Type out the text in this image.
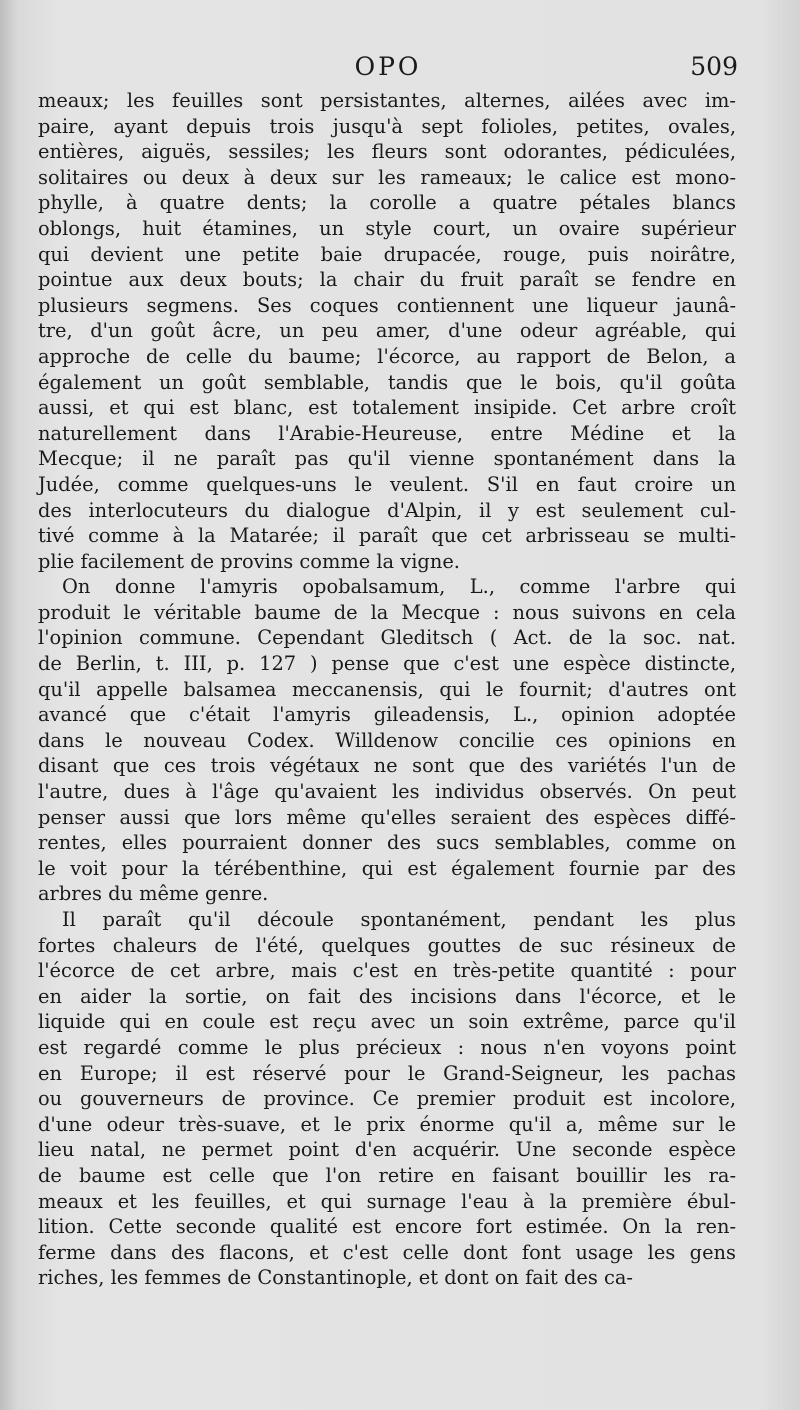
OPO	509
meaux; les feuilles sont persistantes, alternes, ailées avec im-
paire, ayant depuis trois jusqu'à sept folioles, petites, ovales,
entières, aiguës, sessiles; les fleurs sont odorantes, pédiculées,
solitaires ou deux à deux sur les rameaux; le calice est mono-
phylle, à quatre dents; la corolle a quatre pétales blancs
oblongs, huit étamines, un style court, un ovaire supérieur
qui devient une petite baie drupacée, rouge, puis noirâtre,
pointue aux deux bouts; la chair du fruit paraît se fendre en
plusieurs segmens. Ses coques contiennent une liqueur jaunâ-
tre, d'un goût âcre, un peu amer, d'une odeur agréable, qui
approche de celle du baume; l'écorce, au rapport de Belon, a
également un goût semblable, tandis que le bois, qu'il goûta
aussi, et qui est blanc, est totalement insipide. Cet arbre croît
naturellement dans l'Arabie-Heureuse, entre Médine et la
Mecque; il ne paraît pas qu'il vienne spontanément dans la
Judée, comme quelques-uns le veulent. S'il en faut croire un
des interlocuteurs du dialogue d'Alpin, il y est seulement cul-
tivé comme à la Matarée; il paraît que cet arbrisseau se multi-
plie facilement de provins comme la vigne.
On donne l'amyris opobalsamum, L., comme l'arbre qui
produit le véritable baume de la Mecque : nous suivons en cela
l'opinion commune. Cependant Gleditsch ( Act. de la soc. nat.
de Berlin, t. III, p. 127 ) pense que c'est une espèce distincte,
qu'il appelle balsamea meccanensis, qui le fournit; d'autres ont
avancé que c'était l'amyris gileadensis, L., opinion adoptée
dans le nouveau Codex. Willdenow concilie ces opinions en
disant que ces trois végétaux ne sont que des variétés l'un de
l'autre, dues à l'âge qu'avaient les individus observés. On peut
penser aussi que lors même qu'elles seraient des espèces diffé-
rentes, elles pourraient donner des sucs semblables, comme on
le voit pour la térébenthine, qui est également fournie par des
arbres du même genre.
Il paraît qu'il découle spontanément, pendant les plus
fortes chaleurs de l'été, quelques gouttes de suc résineux de
l'écorce de cet arbre, mais c'est en très-petite quantité : pour
en aider la sortie, on fait des incisions dans l'écorce, et le
liquide qui en coule est reçu avec un soin extrême, parce qu'il
est regardé comme le plus précieux : nous n'en voyons point
en Europe; il est réservé pour le Grand-Seigneur, les pachas
ou gouverneurs de province. Ce premier produit est incolore,
d'une odeur très-suave, et le prix énorme qu'il a, même sur le
lieu natal, ne permet point d'en acquérir. Une seconde espèce
de baume est celle que l'on retire en faisant bouillir les ra-
meaux et les feuilles, et qui surnage l'eau à la première ébul-
lition. Cette seconde qualité est encore fort estimée. On la ren-
ferme dans des flacons, et c'est celle dont font usage les gens
riches, les femmes de Constantinople, et dont on fait des ca-
